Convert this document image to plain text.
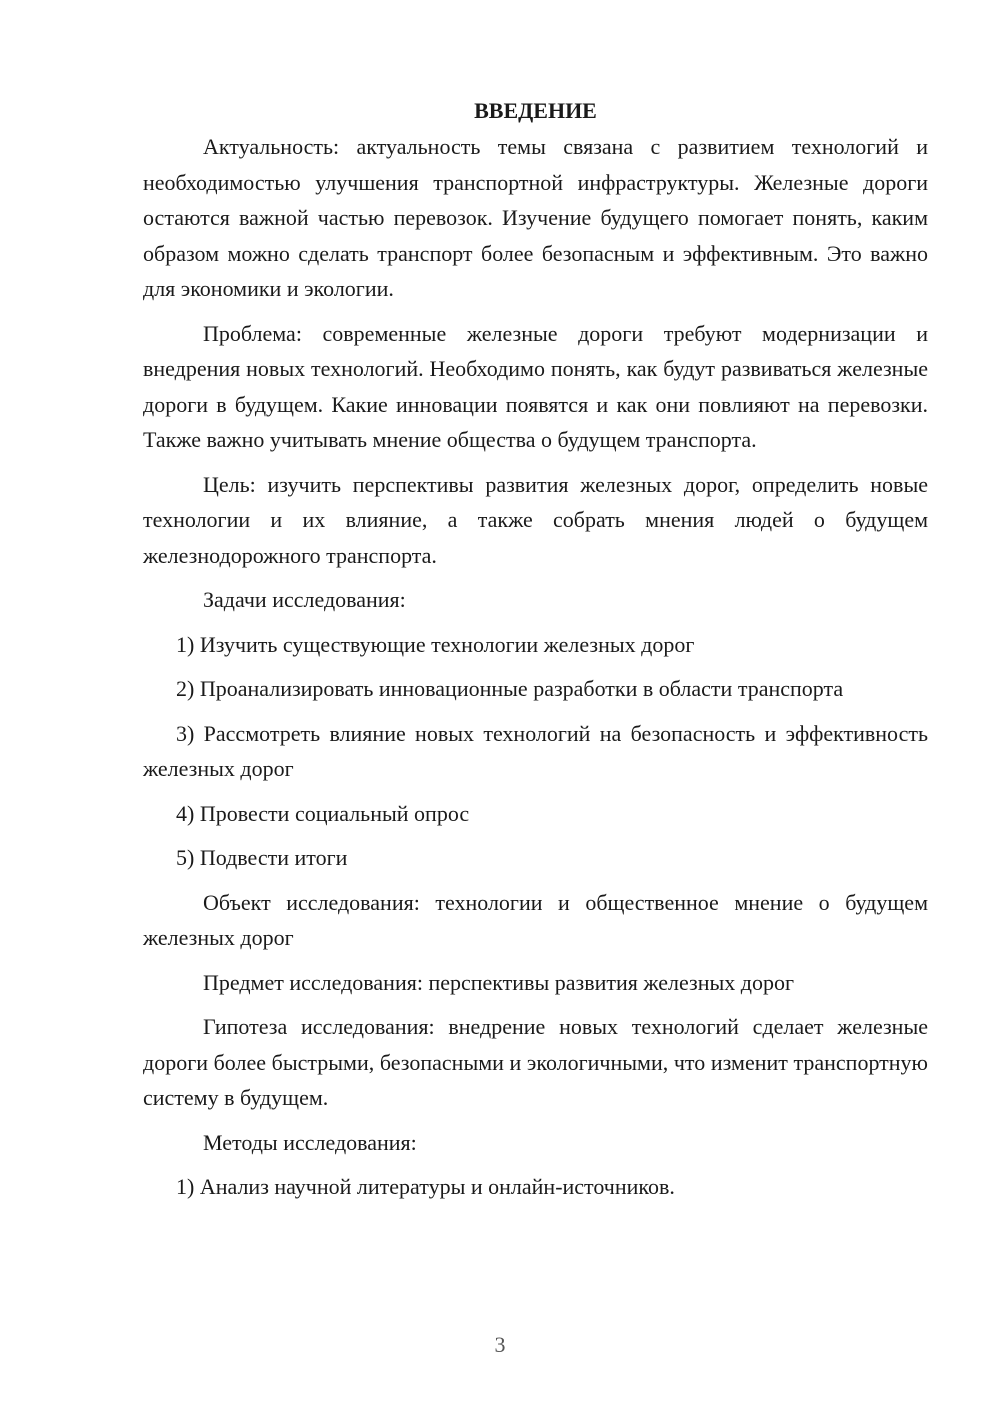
ВВЕДЕНИЕ

Актуальность: актуальность темы связана с развитием технологий и необходимостью улучшения транспортной инфраструктуры. Железные дороги остаются важной частью перевозок. Изучение будущего помогает понять, каким образом можно сделать транспорт более безопасным и эффективным. Это важно для экономики и экологии.

Проблема: современные железные дороги требуют модернизации и внедрения новых технологий. Необходимо понять, как будут развиваться железные дороги в будущем. Какие инновации появятся и как они повлияют на перевозки. Также важно учитывать мнение общества о будущем транспорта.

Цель: изучить перспективы развития железных дорог, определить новые технологии и их влияние, а также собрать мнения людей о будущем железнодорожного транспорта.

Задачи исследования:

1) Изучить существующие технологии железных дорог

2) Проанализировать инновационные разработки в области транспорта

3) Рассмотреть влияние новых технологий на безопасность и эффективность железных дорог

4) Провести социальный опрос

5) Подвести итоги

Объект исследования: технологии и общественное мнение о будущем железных дорог

Предмет исследования: перспективы развития железных дорог

Гипотеза исследования: внедрение новых технологий сделает железные дороги более быстрыми, безопасными и экологичными, что изменит транспортную систему в будущем.

Методы исследования:

1) Анализ научной литературы и онлайн-источников.

3
